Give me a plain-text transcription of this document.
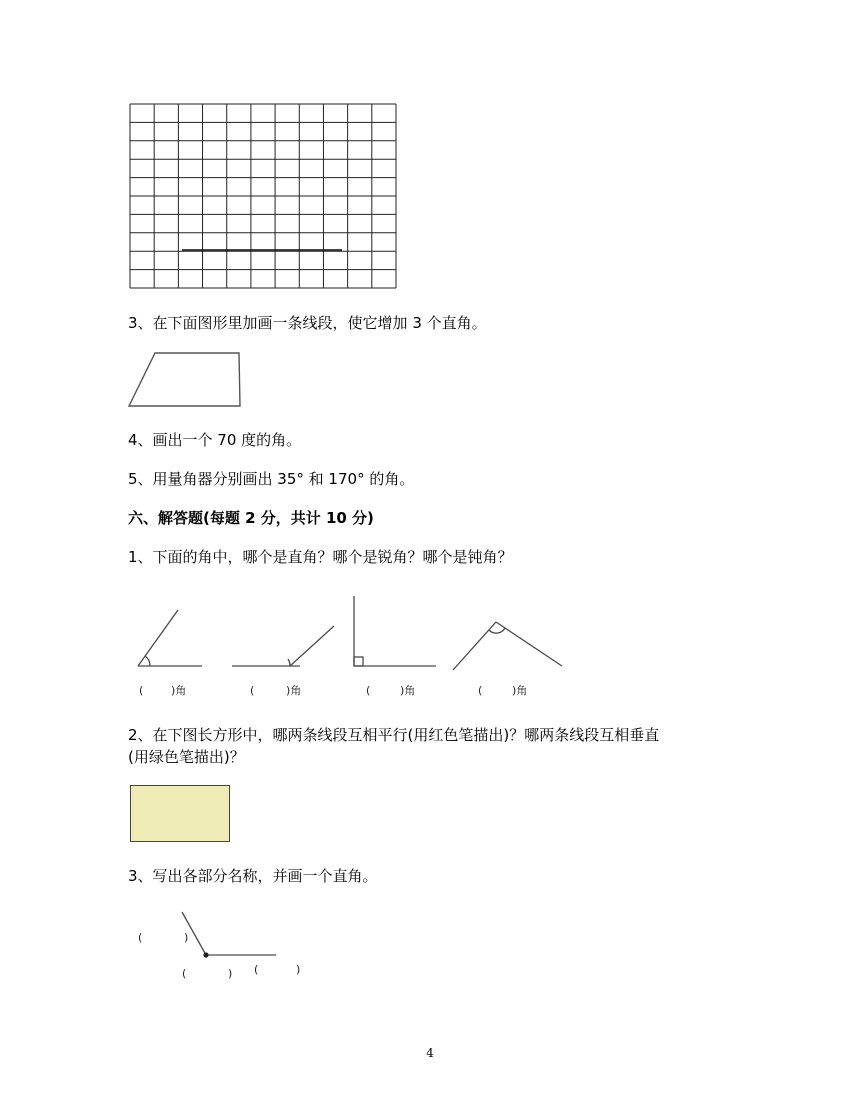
3、在下面图形里加画一条线段，使它增加 3 个直角。
4、画出一个 70 度的角。
5、用量角器分别画出 35° 和 170° 的角。
六、解答题(每题 2 分，共计 10 分)
1、下面的角中，哪个是直角？哪个是锐角？哪个是钝角？
(	)角	(	)角	(	)角	(	)角
2、在下图长方形中，哪两条线段互相平行(用红色笔描出)？哪两条线段互相垂直
(用绿色笔描出)？
3、写出各部分名称，并画一个直角。
(	)
(	) (	)
4
